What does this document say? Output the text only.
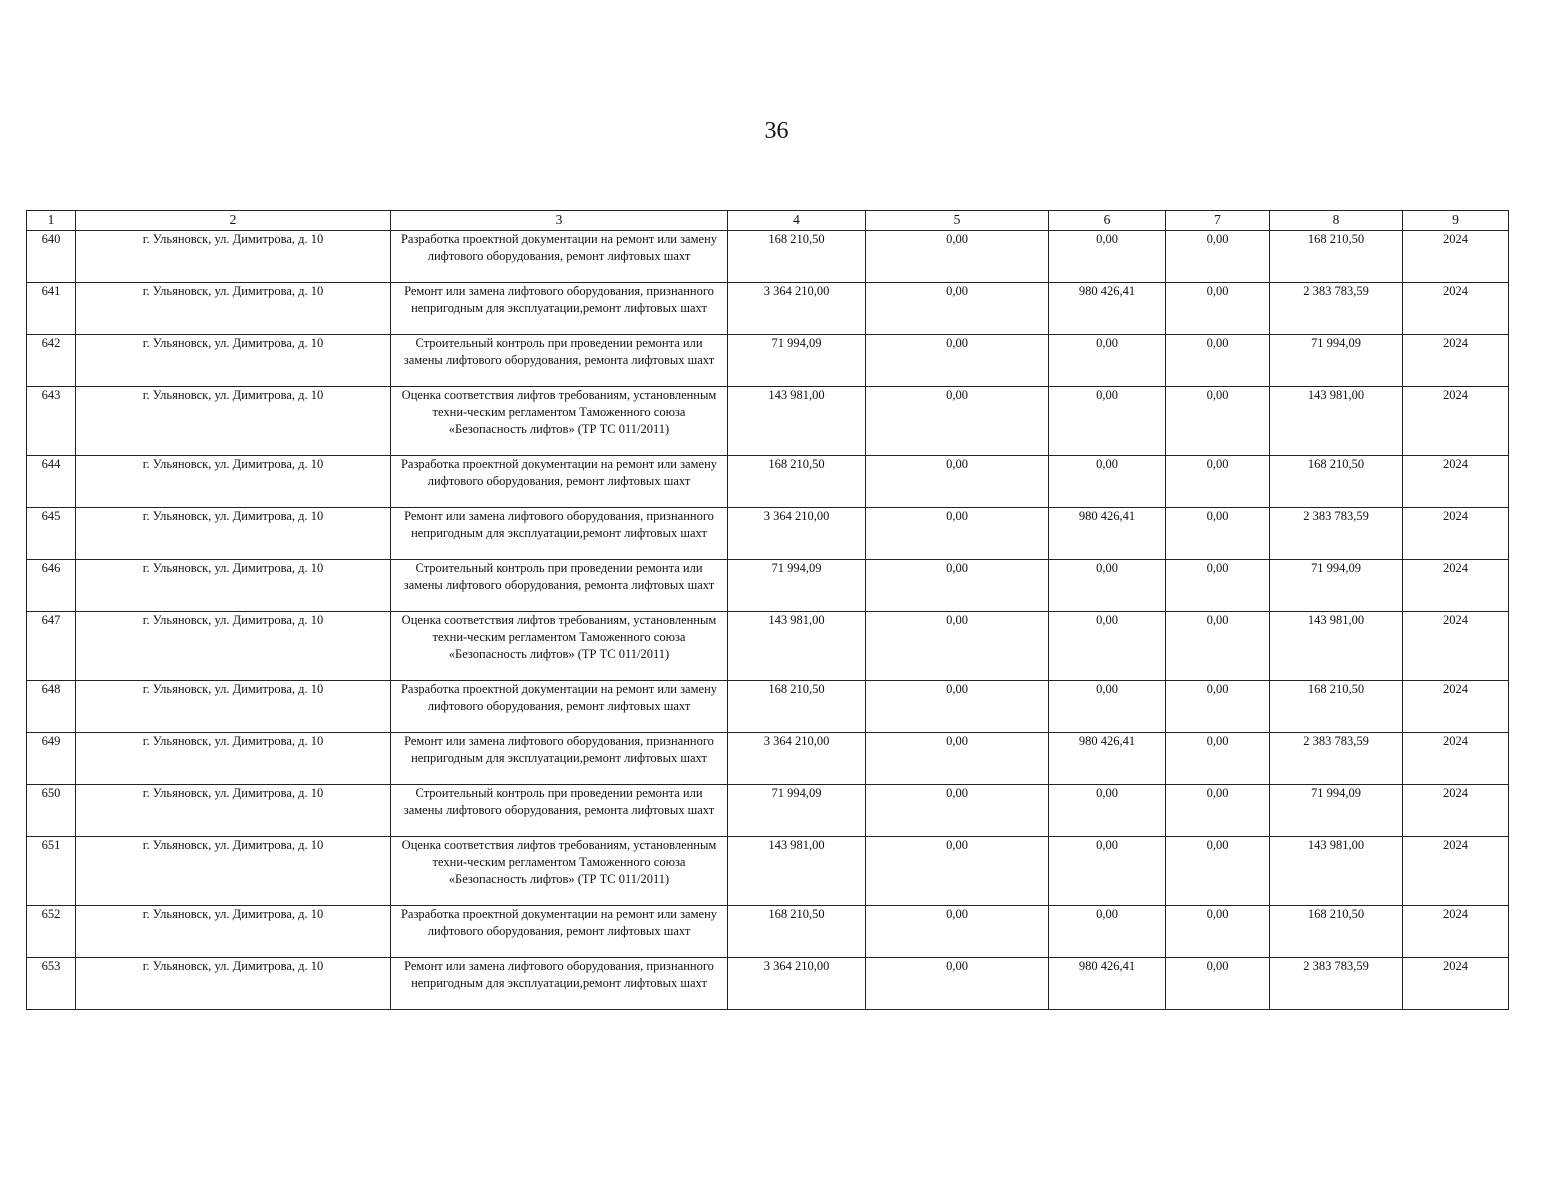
36
1	2	3	4	5	6	7	8	9
640	г. Ульяновск, ул. Димитрова, д. 10	Разработка проектной документации на ремонт или замену лифтового оборудования, ремонт лифтовых шахт	168 210,50	0,00	0,00	0,00	168 210,50	2024
641	г. Ульяновск, ул. Димитрова, д. 10	Ремонт или замена лифтового оборудования, признанного непригодным для эксплуатации,ремонт лифтовых шахт	3 364 210,00	0,00	980 426,41	0,00	2 383 783,59	2024
642	г. Ульяновск, ул. Димитрова, д. 10	Строительный контроль при проведении ремонта или замены лифтового оборудования, ремонта лифтовых шахт	71 994,09	0,00	0,00	0,00	71 994,09	2024
643	г. Ульяновск, ул. Димитрова, д. 10	Оценка соответствия лифтов требованиям, установленным техни-ческим регламентом Таможенного союза «Безопасность лифтов» (ТР ТС 011/2011)	143 981,00	0,00	0,00	0,00	143 981,00	2024
644	г. Ульяновск, ул. Димитрова, д. 10	Разработка проектной документации на ремонт или замену лифтового оборудования, ремонт лифтовых шахт	168 210,50	0,00	0,00	0,00	168 210,50	2024
645	г. Ульяновск, ул. Димитрова, д. 10	Ремонт или замена лифтового оборудования, признанного непригодным для эксплуатации,ремонт лифтовых шахт	3 364 210,00	0,00	980 426,41	0,00	2 383 783,59	2024
646	г. Ульяновск, ул. Димитрова, д. 10	Строительный контроль при проведении ремонта или замены лифтового оборудования, ремонта лифтовых шахт	71 994,09	0,00	0,00	0,00	71 994,09	2024
647	г. Ульяновск, ул. Димитрова, д. 10	Оценка соответствия лифтов требованиям, установленным техни-ческим регламентом Таможенного союза «Безопасность лифтов» (ТР ТС 011/2011)	143 981,00	0,00	0,00	0,00	143 981,00	2024
648	г. Ульяновск, ул. Димитрова, д. 10	Разработка проектной документации на ремонт или замену лифтового оборудования, ремонт лифтовых шахт	168 210,50	0,00	0,00	0,00	168 210,50	2024
649	г. Ульяновск, ул. Димитрова, д. 10	Ремонт или замена лифтового оборудования, признанного непригодным для эксплуатации,ремонт лифтовых шахт	3 364 210,00	0,00	980 426,41	0,00	2 383 783,59	2024
650	г. Ульяновск, ул. Димитрова, д. 10	Строительный контроль при проведении ремонта или замены лифтового оборудования, ремонта лифтовых шахт	71 994,09	0,00	0,00	0,00	71 994,09	2024
651	г. Ульяновск, ул. Димитрова, д. 10	Оценка соответствия лифтов требованиям, установленным техни-ческим регламентом Таможенного союза «Безопасность лифтов» (ТР ТС 011/2011)	143 981,00	0,00	0,00	0,00	143 981,00	2024
652	г. Ульяновск, ул. Димитрова, д. 10	Разработка проектной документации на ремонт или замену лифтового оборудования, ремонт лифтовых шахт	168 210,50	0,00	0,00	0,00	168 210,50	2024
653	г. Ульяновск, ул. Димитрова, д. 10	Ремонт или замена лифтового оборудования, признанного непригодным для эксплуатации,ремонт лифтовых шахт	3 364 210,00	0,00	980 426,41	0,00	2 383 783,59	2024
